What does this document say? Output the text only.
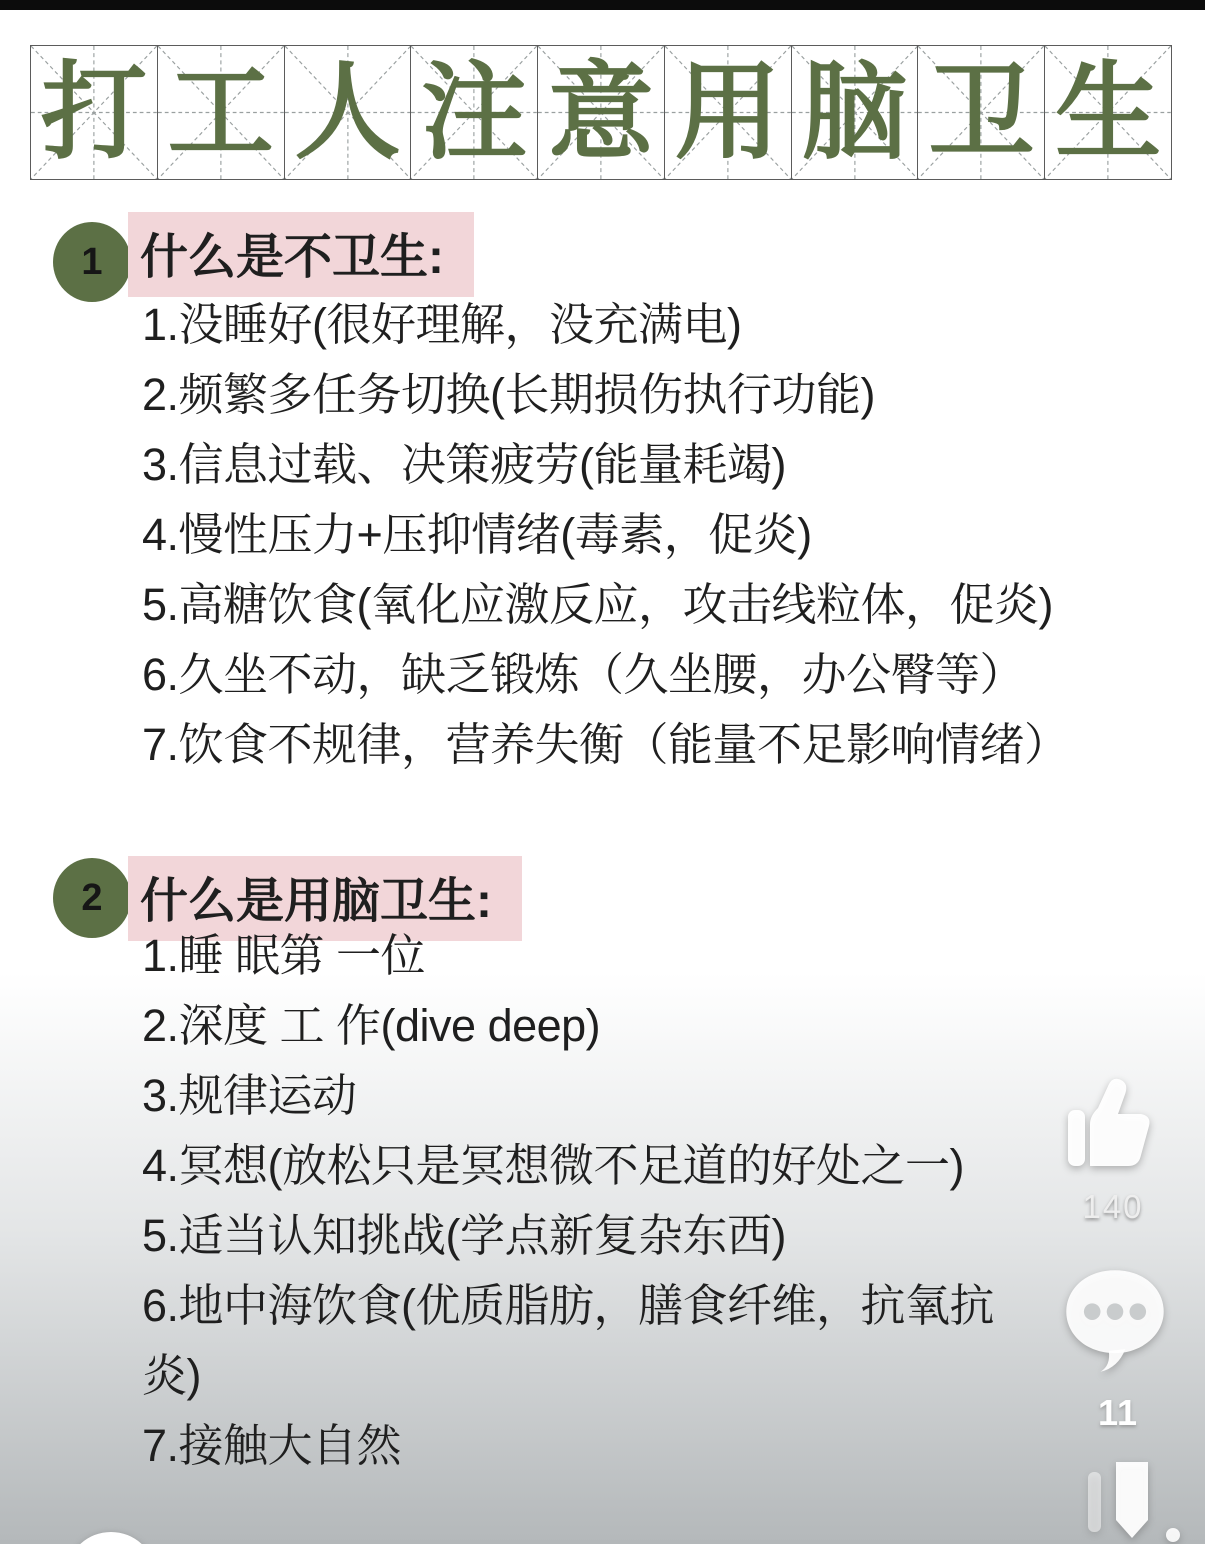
打 工 人 注 意 用 脑 卫 生
1 什么是不卫生:
1.没睡好(很好理解，没充满电)
2.频繁多任务切换(长期损伤执行功能)
3.信息过载、决策疲劳(能量耗竭)
4.慢性压力+压抑情绪(毒素，促炎)
5.高糖饮食(氧化应激反应，攻击线粒体，促炎)
6.久坐不动，缺乏锻炼（久坐腰，办公臀等）
7.饮食不规律，营养失衡（能量不足影响情绪）
2 什么是用脑卫生:
1.睡 眠第 一位
2.深度 工 作(dive deep)
3.规律运动
4.冥想(放松只是冥想微不足道的好处之一)
5.适当认知挑战(学点新复杂东西)
6.地中海饮食(优质脂肪，膳食纤维，抗氧抗
炎)
7.接触大自然
140
11
